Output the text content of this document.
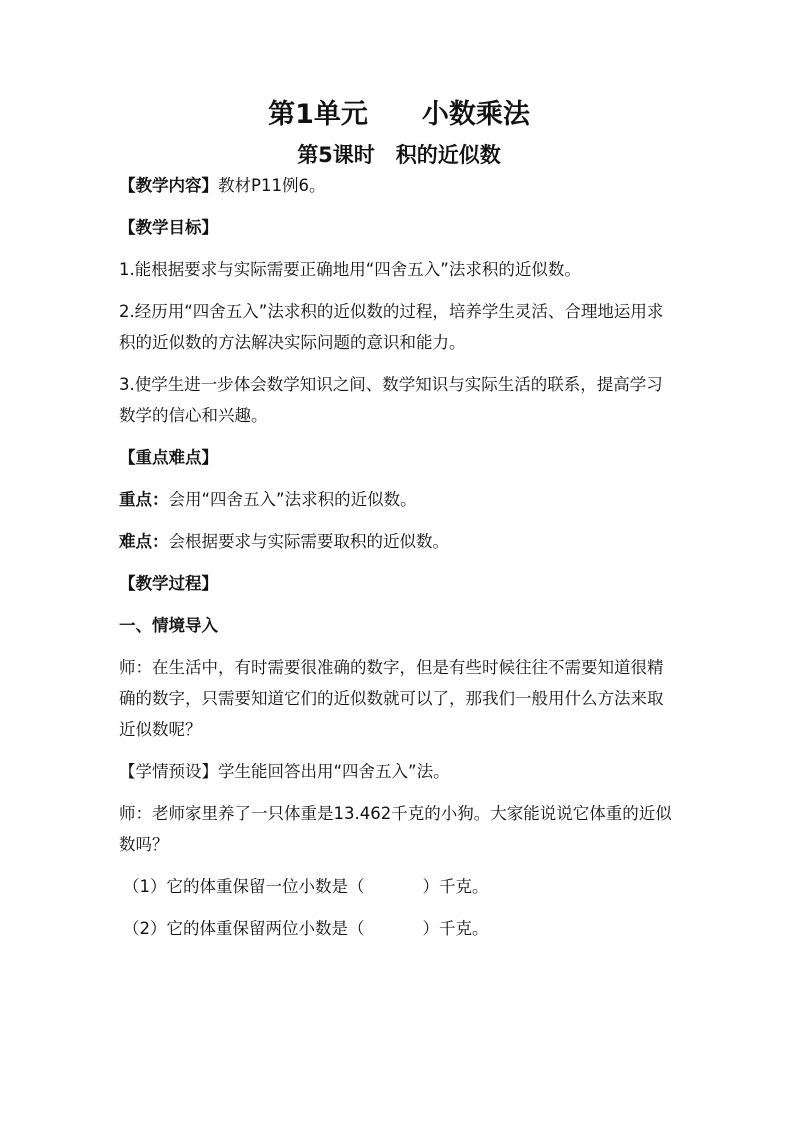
第1单元　　小数乘法
第5课时　积的近似数

【教学内容】教材P11例6。

【教学目标】

1.能根据要求与实际需要正确地用“四舍五入”法求积的近似数。

2.经历用“四舍五入”法求积的近似数的过程，培养学生灵活、合理地运用求积的近似数的方法解决实际问题的意识和能力。

3.使学生进一步体会数学知识之间、数学知识与实际生活的联系，提高学习数学的信心和兴趣。

【重点难点】

重点：会用“四舍五入”法求积的近似数。

难点：会根据要求与实际需要取积的近似数。

【教学过程】

一、情境导入

师：在生活中，有时需要很准确的数字，但是有些时候往往不需要知道很精确的数字，只需要知道它们的近似数就可以了，那我们一般用什么方法来取近似数呢？

【学情预设】学生能回答出用“四舍五入”法。

师：老师家里养了一只体重是13.462千克的小狗。大家能说说它体重的近似数吗？

（1）它的体重保留一位小数是（	）千克。

（2）它的体重保留两位小数是（	）千克。
